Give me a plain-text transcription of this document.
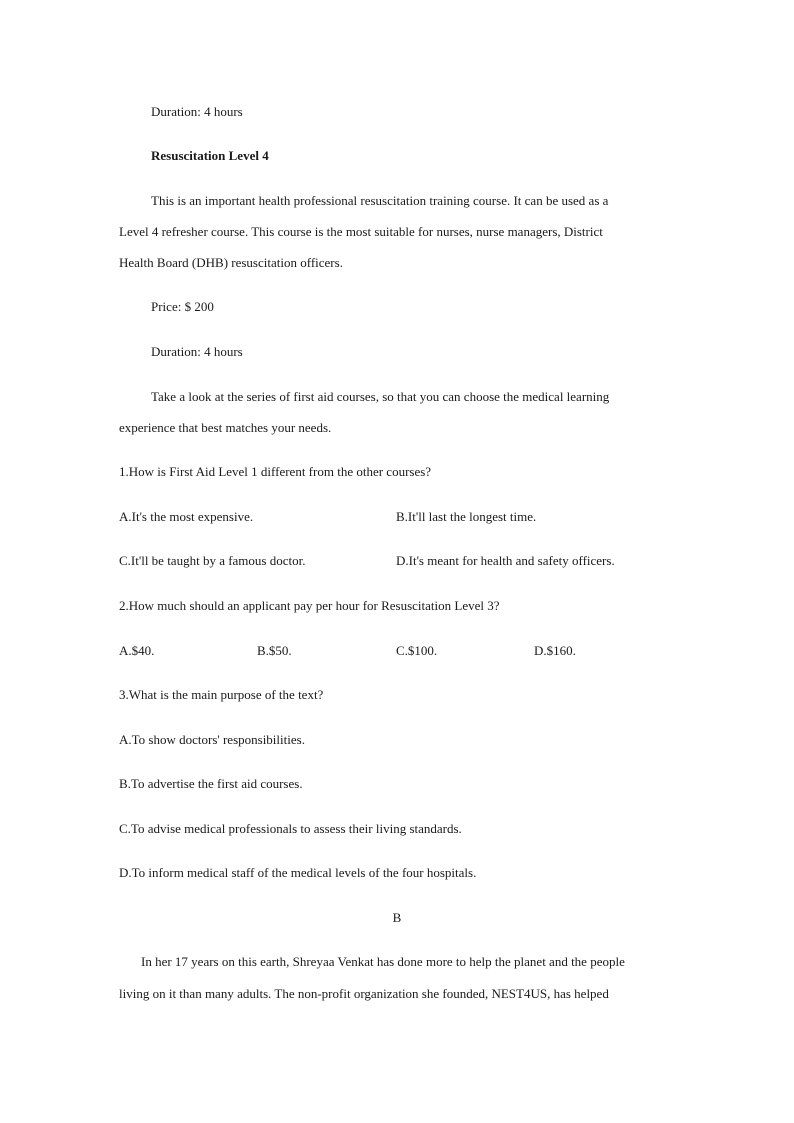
Duration: 4 hours
Resuscitation Level 4
This is an important health professional resuscitation training course. It can be used as a
Level 4 refresher course. This course is the most suitable for nurses, nurse managers, District
Health Board (DHB) resuscitation officers.
Price: $ 200
Duration: 4 hours
Take a look at the series of first aid courses, so that you can choose the medical learning
experience that best matches your needs.
1.How is First Aid Level 1 different from the other courses?
A.It's the most expensive.	B.It'll last the longest time.
C.It'll be taught by a famous doctor.	D.It's meant for health and safety officers.
2.How much should an applicant pay per hour for Resuscitation Level 3?
A.$40.	B.$50.	C.$100.	D.$160.
3.What is the main purpose of the text?
A.To show doctors' responsibilities.
B.To advertise the first aid courses.
C.To advise medical professionals to assess their living standards.
D.To inform medical staff of the medical levels of the four hospitals.
B
In her 17 years on this earth, Shreyaa Venkat has done more to help the planet and the people
living on it than many adults. The non-profit organization she founded, NEST4US, has helped
